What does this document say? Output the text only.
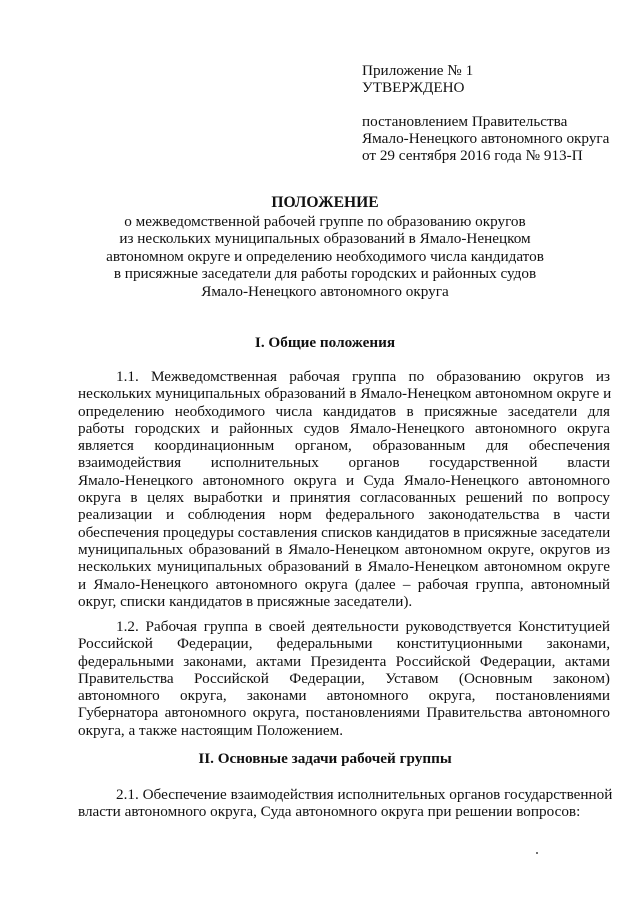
Приложение № 1
УТВЕРЖДЕНО
постановлением Правительства
Ямало-Ненецкого автономного округа
от 29 сентября 2016 года № 913-П
ПОЛОЖЕНИЕ
о межведомственной рабочей группе по образованию округов
из нескольких муниципальных образований в Ямало-Ненецком
автономном округе и определению необходимого числа кандидатов
в присяжные заседатели для работы городских и районных судов
Ямало-Ненецкого автономного округа
I. Общие положения
1.1. Межведомственная рабочая группа по образованию округов из
нескольких муниципальных образований в Ямало-Ненецком автономном округе и
определению необходимого числа кандидатов в присяжные заседатели для
работы городских и районных судов Ямало-Ненецкого автономного округа
является координационным органом, образованным для обеспечения
взаимодействия исполнительных органов государственной власти
Ямало-Ненецкого автономного округа и Суда Ямало-Ненецкого автономного
округа в целях выработки и принятия согласованных решений по вопросу
реализации и соблюдения норм федерального законодательства в части
обеспечения процедуры составления списков кандидатов в присяжные заседатели
муниципальных образований в Ямало-Ненецком автономном округе, округов из
нескольких муниципальных образований в Ямало-Ненецком автономном округе
и Ямало-Ненецкого автономного округа (далее – рабочая группа, автономный
округ, списки кандидатов в присяжные заседатели).
1.2. Рабочая группа в своей деятельности руководствуется Конституцией
Российской Федерации, федеральными конституционными законами,
федеральными законами, актами Президента Российской Федерации, актами
Правительства Российской Федерации, Уставом (Основным законом)
автономного округа, законами автономного округа, постановлениями
Губернатора автономного округа, постановлениями Правительства автономного
округа, а также настоящим Положением.
II. Основные задачи рабочей группы
2.1. Обеспечение взаимодействия исполнительных органов государственной
власти автономного округа, Суда автономного округа при решении вопросов:
